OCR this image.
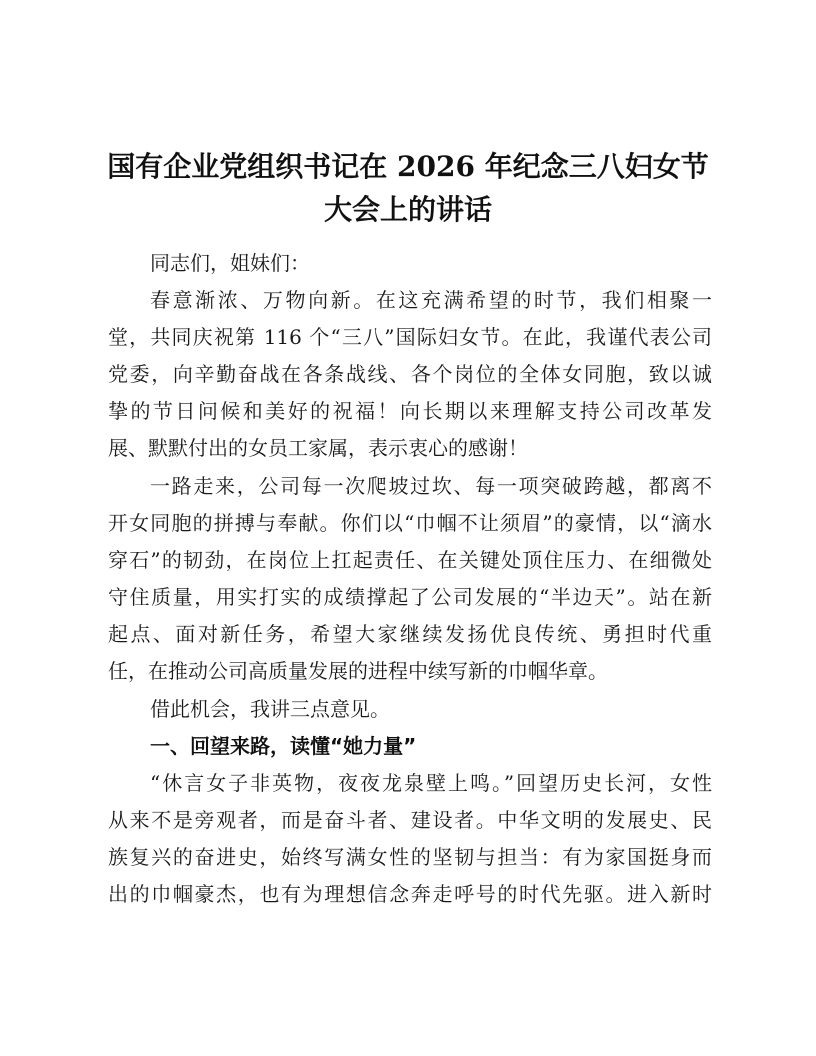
国有企业党组织书记在 2026 年纪念三八妇女节
大会上的讲话
同志们，姐妹们：
春意渐浓、万物向新。在这充满希望的时节，我们相聚一
堂，共同庆祝第 116 个“三八”国际妇女节。在此，我谨代表公司
党委，向辛勤奋战在各条战线、各个岗位的全体女同胞，致以诚
挚的节日问候和美好的祝福！向长期以来理解支持公司改革发
展、默默付出的女员工家属，表示衷心的感谢！
一路走来，公司每一次爬坡过坎、每一项突破跨越，都离不
开女同胞的拼搏与奉献。你们以“巾帼不让须眉”的豪情，以“滴水
穿石”的韧劲，在岗位上扛起责任、在关键处顶住压力、在细微处
守住质量，用实打实的成绩撑起了公司发展的“半边天”。站在新
起点、面对新任务，希望大家继续发扬优良传统、勇担时代重
任，在推动公司高质量发展的进程中续写新的巾帼华章。
借此机会，我讲三点意见。
一、回望来路，读懂“她力量”
“休言女子非英物，夜夜龙泉壁上鸣。”回望历史长河，女性
从来不是旁观者，而是奋斗者、建设者。中华文明的发展史、民
族复兴的奋进史，始终写满女性的坚韧与担当：有为家国挺身而
出的巾帼豪杰，也有为理想信念奔走呼号的时代先驱。进入新时
